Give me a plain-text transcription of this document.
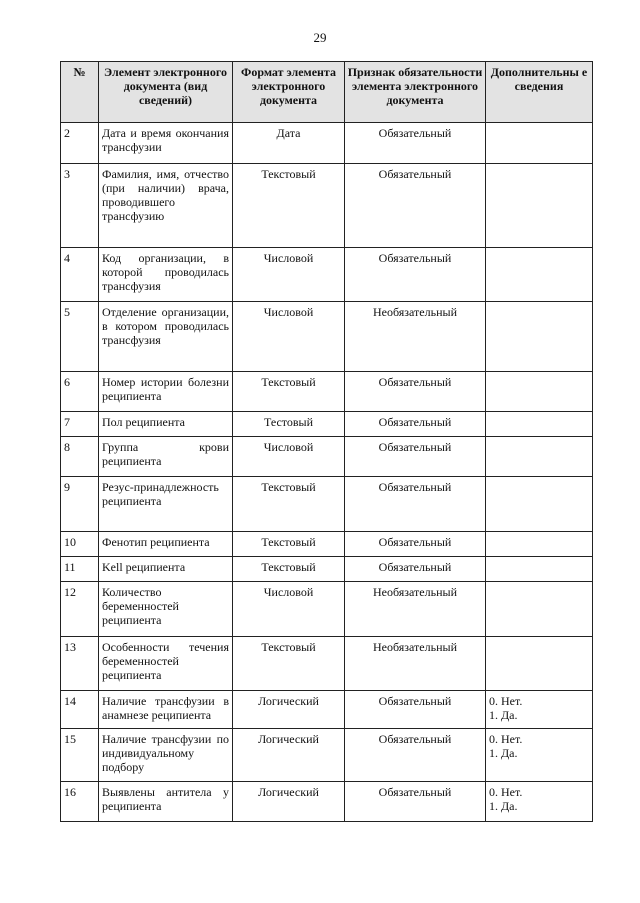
29
№	Элемент электронного документа (вид сведений)	Формат элемента электронного документа	Признак обязательности элемента электронного документа	Дополнительны е сведения
2	Дата и время окончания трансфузии	Дата	Обязательный	
3	Фамилия, имя, отчество (при наличии) врача, проводившего трансфузию	Текстовый	Обязательный	
4	Код организации, в которой проводилась трансфузия	Числовой	Обязательный	
5	Отделение организации, в котором проводилась трансфузия	Числовой	Необязательный	
6	Номер истории болезни реципиента	Текстовый	Обязательный	
7	Пол реципиента	Тестовый	Обязательный	
8	Группа крови реципиента	Числовой	Обязательный	
9	Резус-принадлежность реципиента	Текстовый	Обязательный	
10	Фенотип реципиента	Текстовый	Обязательный	
11	Kell реципиента	Текстовый	Обязательный	
12	Количество беременностей реципиента	Числовой	Необязательный	
13	Особенности течения беременностей реципиента	Текстовый	Необязательный	
14	Наличие трансфузии в анамнезе реципиента	Логический	Обязательный	0. Нет.
1. Да.

15	Наличие трансфузии по индивидуальному подбору	Логический	Обязательный	0. Нет.
1. Да.

16	Выявлены антитела у реципиента	Логический	Обязательный	0. Нет.
1. Да.
